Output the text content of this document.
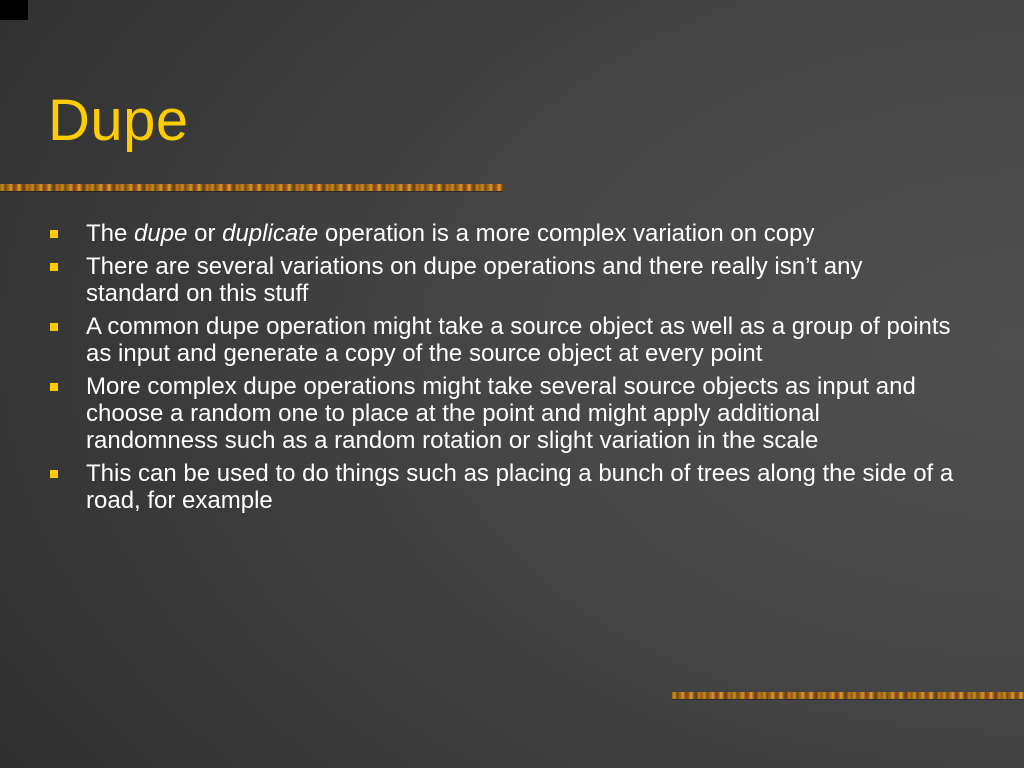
Dupe
The dupe or duplicate operation is a more complex variation on copy
There are several variations on dupe operations and there really isn’t any standard on this stuff
A common dupe operation might take a source object as well as a group of points as input and generate a copy of the source object at every point
More complex dupe operations might take several source objects as input and choose a random one to place at the point and might apply additional randomness such as a random rotation or slight variation in the scale
This can be used to do things such as placing a bunch of trees along the side of a road, for example
